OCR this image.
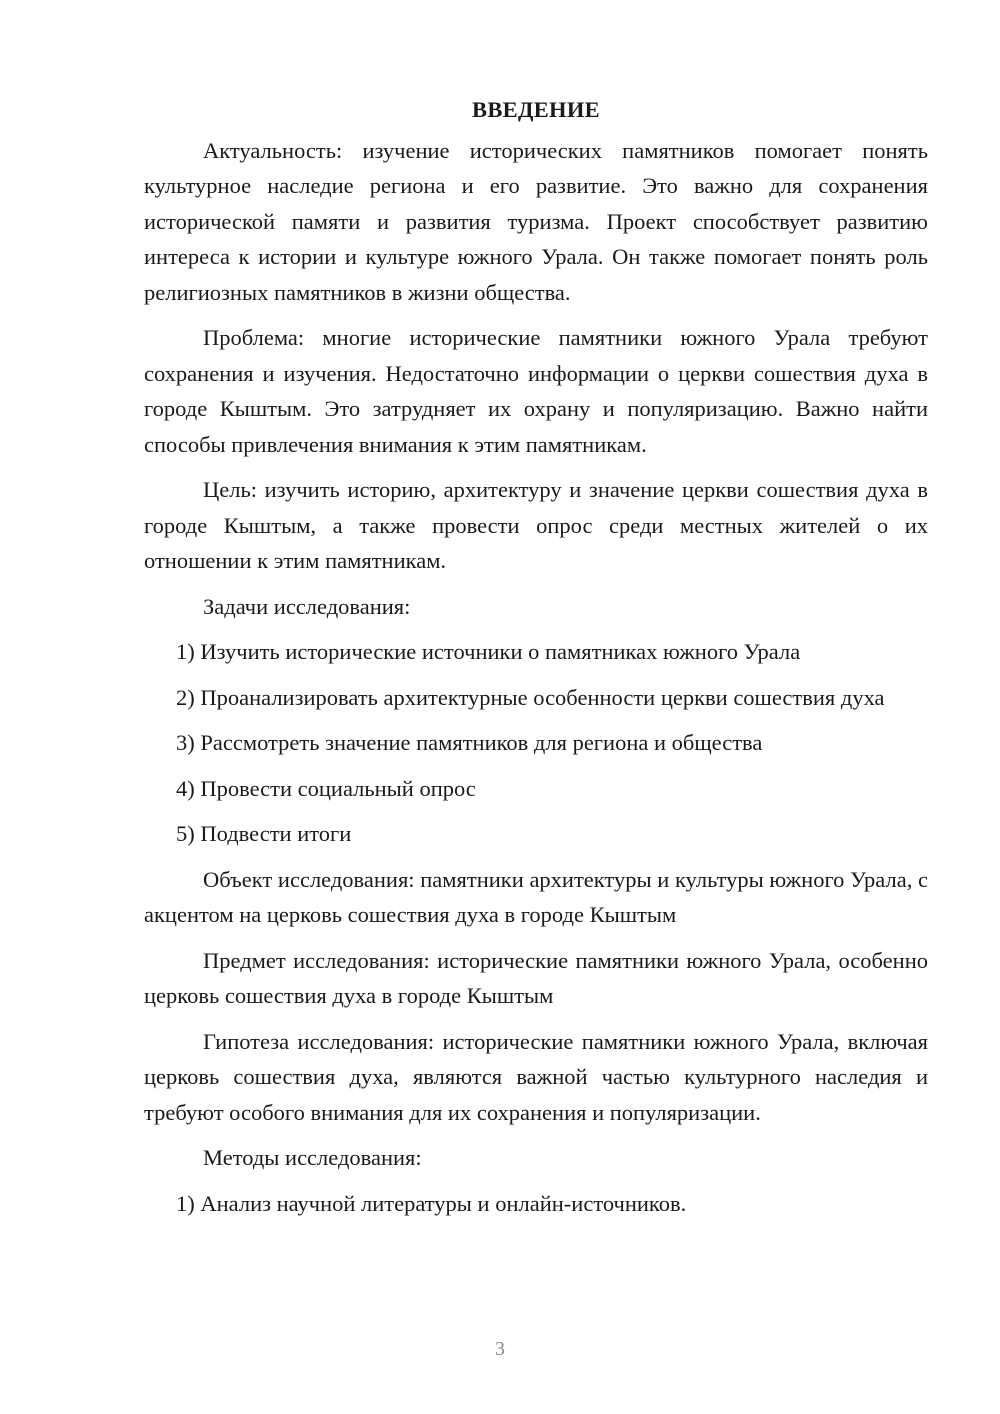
ВВЕДЕНИЕ

Актуальность: изучение исторических памятников помогает понять культурное наследие региона и его развитие. Это важно для сохранения исторической памяти и развития туризма. Проект способствует развитию интереса к истории и культуре южного Урала. Он также помогает понять роль религиозных памятников в жизни общества.

Проблема: многие исторические памятники южного Урала требуют сохранения и изучения. Недостаточно информации о церкви сошествия духа в городе Кыштым. Это затрудняет их охрану и популяризацию. Важно найти способы привлечения внимания к этим памятникам.

Цель: изучить историю, архитектуру и значение церкви сошествия духа в городе Кыштым, а также провести опрос среди местных жителей о их отношении к этим памятникам.

Задачи исследования:

1) Изучить исторические источники о памятниках южного Урала

2) Проанализировать архитектурные особенности церкви сошествия духа

3) Рассмотреть значение памятников для региона и общества

4) Провести социальный опрос

5) Подвести итоги

Объект исследования: памятники архитектуры и культуры южного Урала, с акцентом на церковь сошествия духа в городе Кыштым

Предмет исследования: исторические памятники южного Урала, особенно церковь сошествия духа в городе Кыштым

Гипотеза исследования: исторические памятники южного Урала, включая церковь сошествия духа, являются важной частью культурного наследия и требуют особого внимания для их сохранения и популяризации.

Методы исследования:

1) Анализ научной литературы и онлайн-источников.

3
